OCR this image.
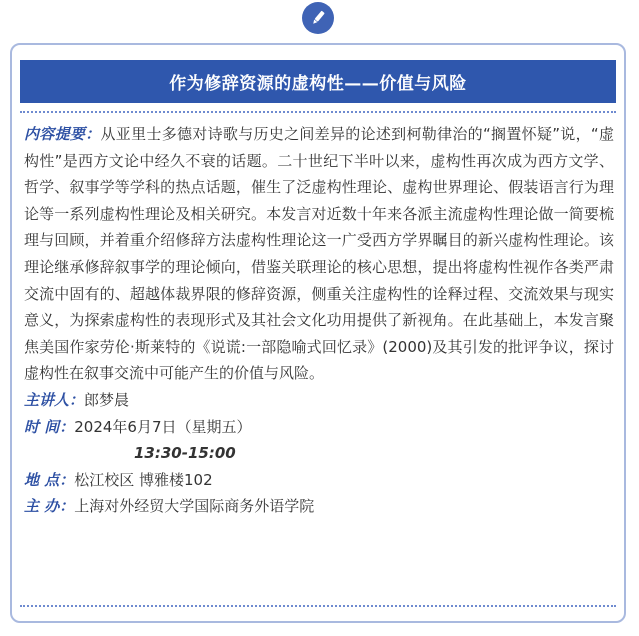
作为修辞资源的虚构性——价值与风险

内容提要：从亚里士多德对诗歌与历史之间差异的论述到柯勒律治的“搁置怀疑”说，“虚构性”是西方文论中经久不衰的话题。二十世纪下半叶以来，虚构性再次成为西方文学、哲学、叙事学等学科的热点话题，催生了泛虚构性理论、虚构世界理论、假装语言行为理论等一系列虚构性理论及相关研究。本发言对近数十年来各派主流虚构性理论做一简要梳理与回顾，并着重介绍修辞方法虚构性理论这一广受西方学界瞩目的新兴虚构性理论。该理论继承修辞叙事学的理论倾向，借鉴关联理论的核心思想，提出将虚构性视作各类严肃交流中固有的、超越体裁界限的修辞资源，侧重关注虚构性的诠释过程、交流效果与现实意义，为探索虚构性的表现形式及其社会文化功用提供了新视角。在此基础上，本发言聚焦美国作家劳伦·斯莱特的《说谎:一部隐喻式回忆录》(2000)及其引发的批评争议，探讨虚构性在叙事交流中可能产生的价值与风险。

主讲人：郎梦晨

时 间：2024年6月7日（星期五）

13:30-15:00

地 点：松江校区 博雅楼102

主 办：上海对外经贸大学国际商务外语学院
